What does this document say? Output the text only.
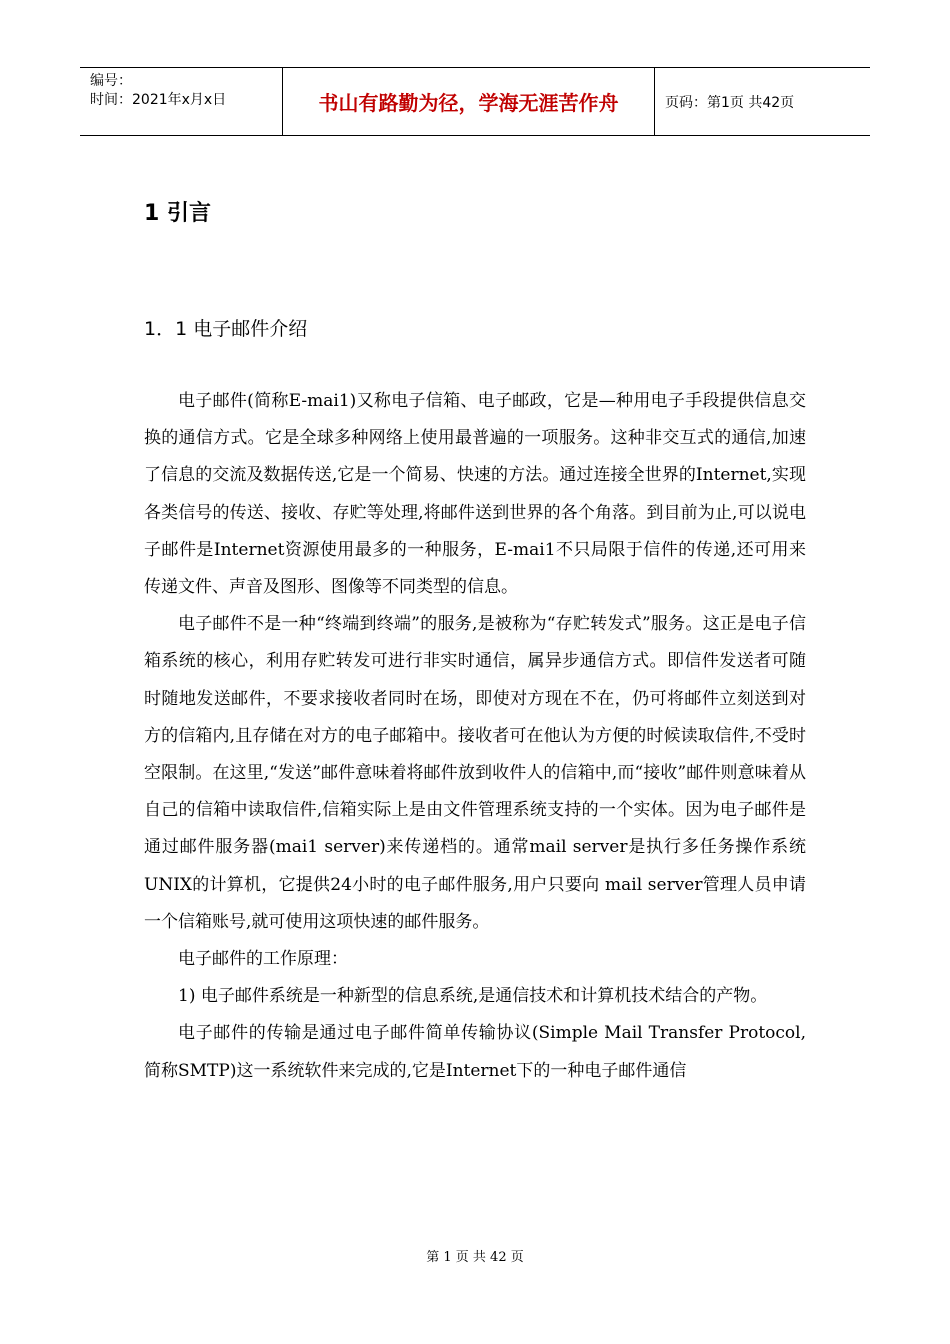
编号：
时间：2021年x月x日	书山有路勤为径，学海无涯苦作舟	页码：第1页 共42页
1 引言
1．1 电子邮件介绍

电子邮件(简称E-mai1)又称电子信箱、电子邮政，它是—种用电子手段提供信息交换的通信方式。它是全球多种网络上使用最普遍的一项服务。这种非交互式的通信,加速了信息的交流及数据传送,它是一个简易、快速的方法。通过连接全世界的Internet,实现各类信号的传送、接收、存贮等处理,将邮件送到世界的各个角落。到目前为止,可以说电子邮件是Internet资源使用最多的一种服务，E-mai1不只局限于信件的传递,还可用来传递文件、声音及图形、图像等不同类型的信息。

电子邮件不是一种“终端到终端”的服务,是被称为“存贮转发式”服务。这正是电子信箱系统的核心，利用存贮转发可进行非实时通信，属异步通信方式。即信件发送者可随时随地发送邮件，不要求接收者同时在场，即使对方现在不在，仍可将邮件立刻送到对方的信箱内,且存储在对方的电子邮箱中。接收者可在他认为方便的时候读取信件,不受时空限制。在这里,“发送”邮件意味着将邮件放到收件人的信箱中,而“接收”邮件则意味着从自己的信箱中读取信件,信箱实际上是由文件管理系统支持的一个实体。因为电子邮件是通过邮件服务器(mai1 server)来传递档的。通常mail server是执行多任务操作系统UNIX的计算机，它提供24小时的电子邮件服务,用户只要向 mail server管理人员申请一个信箱账号,就可使用这项快速的邮件服务。

电子邮件的工作原理：

1) 电子邮件系统是一种新型的信息系统,是通信技术和计算机技术结合的产物。

电子邮件的传输是通过电子邮件简单传输协议(Simple Mail Transfer Protocol,简称SMTP)这一系统软件来完成的,它是Internet下的一种电子邮件通信

第 1 页 共 42 页
